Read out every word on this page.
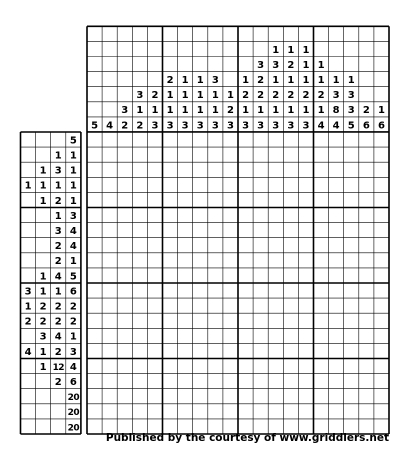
5 4
3
2
3
1
2
2
1
3
2
1
1
3
1
1
1
3
1
1
1
3
3
1
1
3
1
2
3
1
2
1
3
3
2
2
1
3
1
3
1
2
1
3
1
2
1
2
1
3
1
1
1
2
1
3
1
1
2
1
4
1
3
8
4
1
3
3
5
2
6
1
6
5
1 1
1 3 1
1 1 1 1
1 2 1
1 3
3 4
2 4
2 1
1 4 5
3 1 1 6
1 2 2 2
2 2 2 2
3 4 1
4 1 2 3
1 12 4
2 6
20
20
20
Published by the courtesy of www.griddlers.net
